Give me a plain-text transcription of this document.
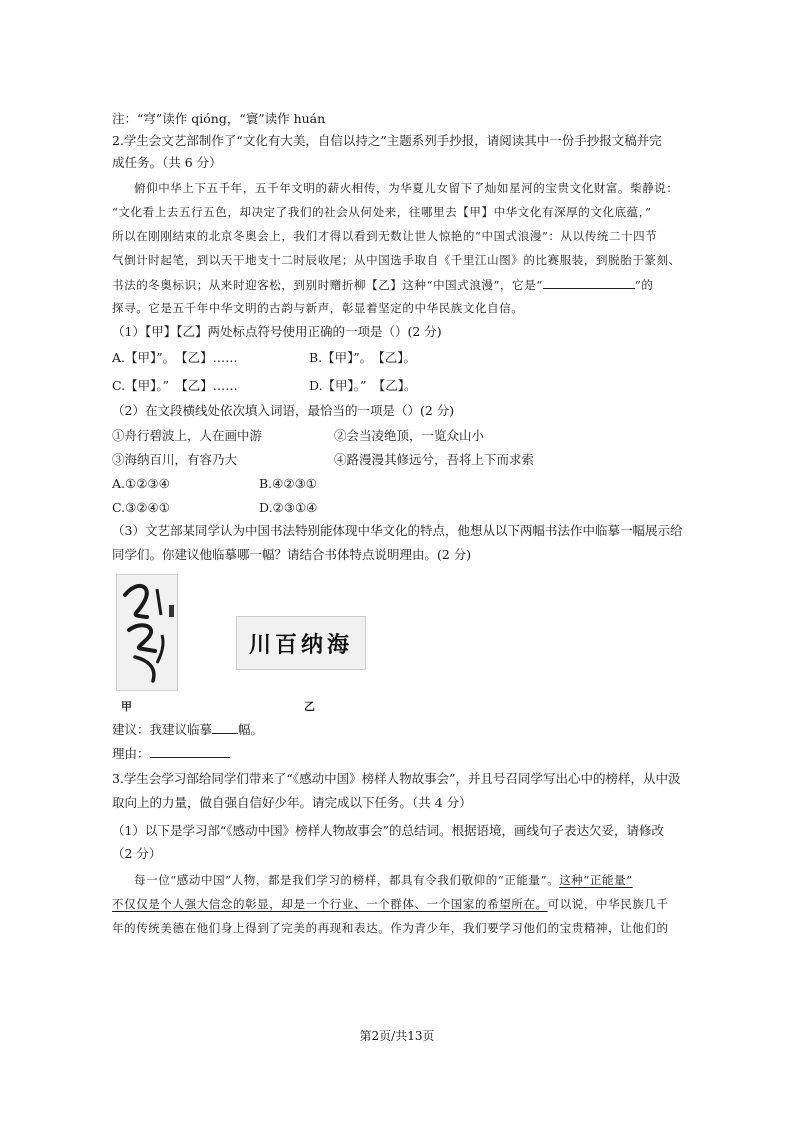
注：“穹”读作 qióng，“寰”读作 huán
2.学生会文艺部制作了“文化有大美，自信以持之”主题系列手抄报，请阅读其中一份手抄报文稿并完
成任务。（共 6 分）
俯仰中华上下五千年，五千年文明的薪火相传，为华夏儿女留下了灿如星河的宝贵文化财富。柴静说：
“文化看上去五行五色，却决定了我们的社会从何处来，往哪里去【甲】中华文化有深厚的文化底蕴，”
所以在刚刚结束的北京冬奥会上，我们才得以看到无数让世人惊艳的“中国式浪漫”：从以传统二十四节
气倒计时起笔，到以天干地支十二时辰收尾；从中国选手取自《千里江山图》的比赛服装，到脱胎于篆刻、
书法的冬奥标识；从来时迎客松，到别时赠折柳【乙】这种“中国式浪漫”，它是“	”的
探寻。它是五千年中华文明的古韵与新声，彰显着坚定的中华民族文化自信。
（1）【甲】【乙】两处标点符号使用正确的一项是（）(2 分)
A.【甲】”。　【乙】……	B.【甲】”。　【乙】。
C.【甲】。”　【乙】……	D.【甲】。”　【乙】。
（2）在文段横线处依次填入词语，最恰当的一项是（）(2 分)
①舟行碧波上，人在画中游	②会当凌绝顶，一览众山小
③海纳百川，有容乃大	④路漫漫其修远兮，吾将上下而求索
A.①②③④	B.④②③①
C.③②④①	D.②③①④
（3）文艺部某同学认为中国书法特别能体现中华文化的特点，他想从以下两幅书法作中临摹一幅展示给
同学们。你建议他临摹哪一幅？请结合书体特点说明理由。(2 分)
甲
川百纳海
乙
建议：我建议临摹 幅。
理由：
3.学生会学习部给同学们带来了“《感动中国》榜样人物故事会”，并且号召同学写出心中的榜样，从中汲
取向上的力量，做自强自信好少年。请完成以下任务。（共 4 分）
（1）以下是学习部“《感动中国》榜样人物故事会”的总结词。根据语境，画线句子表达欠妥，请修改
（2 分）
每一位“感动中国”人物，都是我们学习的榜样，都具有令我们敬仰的“正能量”。这种“正能量”
不仅仅是个人强大信念的彰显，却是一个行业、一个群体、一个国家的希望所在。可以说，中华民族几千
年的传统美德在他们身上得到了完美的再现和表达。作为青少年，我们要学习他们的宝贵精神，让他们的
第2页/共13页
